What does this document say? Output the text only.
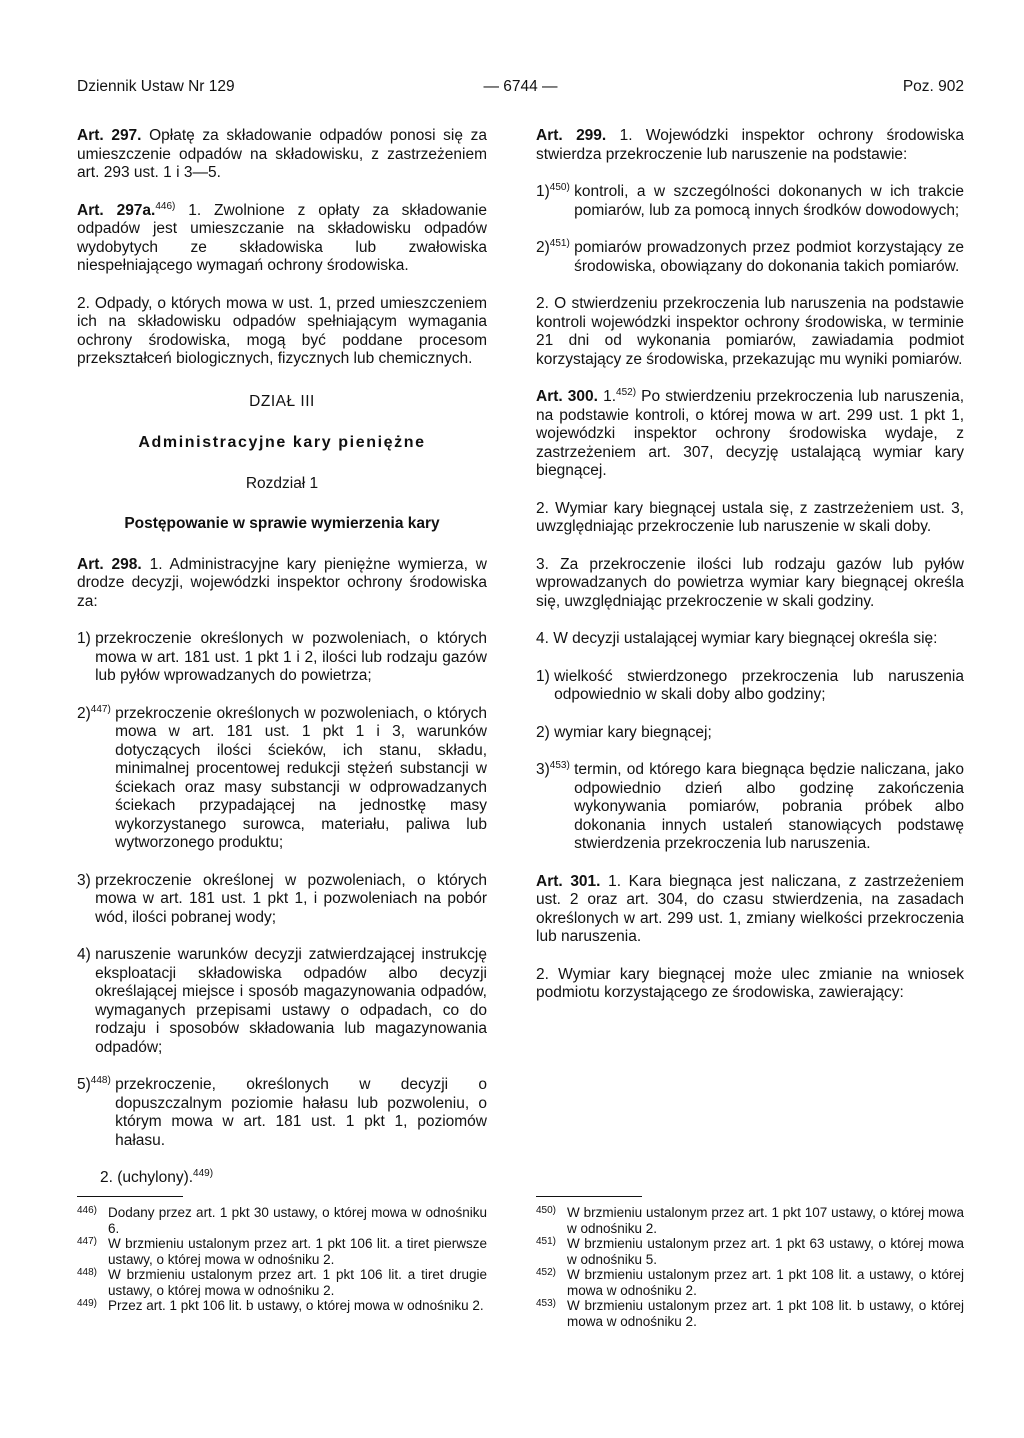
Dziennik Ustaw Nr 129	— 6744 —	Poz. 902

Art. 297. Opłatę za składowanie odpadów ponosi się za umieszczenie odpadów na składowisku, z zastrzeżeniem art. 293 ust. 1 i 3—5.

Art. 297a.$^{446)}$ 1. Zwolnione z opłaty za składowanie odpadów jest umieszczanie na składowisku odpadów wydobytych ze składowiska lub zwałowiska niespełniającego wymagań ochrony środowiska.

2. Odpady, o których mowa w ust. 1, przed umieszczeniem ich na składowisku odpadów spełniającym wymagania ochrony środowiska, mogą być poddane procesom przekształceń biologicznych, fizycznych lub chemicznych.

DZIAŁ III

Administracyjne kary pieniężne

Rozdział 1

Postępowanie w sprawie wymierzenia kary

Art. 298. 1. Administracyjne kary pieniężne wymierza, w drodze decyzji, wojewódzki inspektor ochrony środowiska za:

1) przekroczenie określonych w pozwoleniach, o których mowa w art. 181 ust. 1 pkt 1 i 2, ilości lub rodzaju gazów lub pyłów wprowadzanych do powietrza;
2)$^{447)}$ przekroczenie określonych w pozwoleniach, o których mowa w art. 181 ust. 1 pkt 1 i 3, warunków dotyczących ilości ścieków, ich stanu, składu, minimalnej procentowej redukcji stężeń substancji w ściekach oraz masy substancji w odprowadzanych ściekach przypadającej na jednostkę masy wykorzystanego surowca, materiału, paliwa lub wytworzonego produktu;
3) przekroczenie określonej w pozwoleniach, o których mowa w art. 181 ust. 1 pkt 1, i pozwoleniach na pobór wód, ilości pobranej wody;
4) naruszenie warunków decyzji zatwierdzającej instrukcję eksploatacji składowiska odpadów albo decyzji określającej miejsce i sposób magazynowania odpadów, wymaganych przepisami ustawy o odpadach, co do rodzaju i sposobów składowania lub magazynowania odpadów;
5)$^{448)}$ przekroczenie, określonych w decyzji o dopuszczalnym poziomie hałasu lub pozwoleniu, o którym mowa w art. 181 ust. 1 pkt 1, poziomów hałasu.

2. (uchylony).$^{449)}$

Art. 299. 1. Wojewódzki inspektor ochrony środowiska stwierdza przekroczenie lub naruszenie na podstawie:

1)$^{450)}$ kontroli, a w szczególności dokonanych w ich trakcie pomiarów, lub za pomocą innych środków dowodowych;
2)$^{451)}$ pomiarów prowadzonych przez podmiot korzystający ze środowiska, obowiązany do dokonania takich pomiarów.

2. O stwierdzeniu przekroczenia lub naruszenia na podstawie kontroli wojewódzki inspektor ochrony środowiska, w terminie 21 dni od wykonania pomiarów, zawiadamia podmiot korzystający ze środowiska, przekazując mu wyniki pomiarów.

Art. 300. 1.$^{452)}$ Po stwierdzeniu przekroczenia lub naruszenia, na podstawie kontroli, o której mowa w art. 299 ust. 1 pkt 1, wojewódzki inspektor ochrony środowiska wydaje, z zastrzeżeniem art. 307, decyzję ustalającą wymiar kary biegnącej.

2. Wymiar kary biegnącej ustala się, z zastrzeżeniem ust. 3, uwzględniając przekroczenie lub naruszenie w skali doby.

3. Za przekroczenie ilości lub rodzaju gazów lub pyłów wprowadzanych do powietrza wymiar kary biegnącej określa się, uwzględniając przekroczenie w skali godziny.

4. W decyzji ustalającej wymiar kary biegnącej określa się:

1) wielkość stwierdzonego przekroczenia lub naruszenia odpowiednio w skali doby albo godziny;
2) wymiar kary biegnącej;
3)$^{453)}$ termin, od którego kara biegnąca będzie naliczana, jako odpowiednio dzień albo godzinę zakończenia wykonywania pomiarów, pobrania próbek albo dokonania innych ustaleń stanowiących podstawę stwierdzenia przekroczenia lub naruszenia.

Art. 301. 1. Kara biegnąca jest naliczana, z zastrzeżeniem ust. 2 oraz art. 304, do czasu stwierdzenia, na zasadach określonych w art. 299 ust. 1, zmiany wielkości przekroczenia lub naruszenia.

2. Wymiar kary biegnącej może ulec zmianie na wniosek podmiotu korzystającego ze środowiska, zawierający:

446) Dodany przez art. 1 pkt 30 ustawy, o której mowa w odnośniku 6.
447) W brzmieniu ustalonym przez art. 1 pkt 106 lit. a tiret pierwsze ustawy, o której mowa w odnośniku 2.
448) W brzmieniu ustalonym przez art. 1 pkt 106 lit. a tiret drugie ustawy, o której mowa w odnośniku 2.
449) Przez art. 1 pkt 106 lit. b ustawy, o której mowa w odnośniku 2.
450) W brzmieniu ustalonym przez art. 1 pkt 107 ustawy, o której mowa w odnośniku 2.
451) W brzmieniu ustalonym przez art. 1 pkt 63 ustawy, o której mowa w odnośniku 5.
452) W brzmieniu ustalonym przez art. 1 pkt 108 lit. a ustawy, o której mowa w odnośniku 2.
453) W brzmieniu ustalonym przez art. 1 pkt 108 lit. b ustawy, o której mowa w odnośniku 2.
